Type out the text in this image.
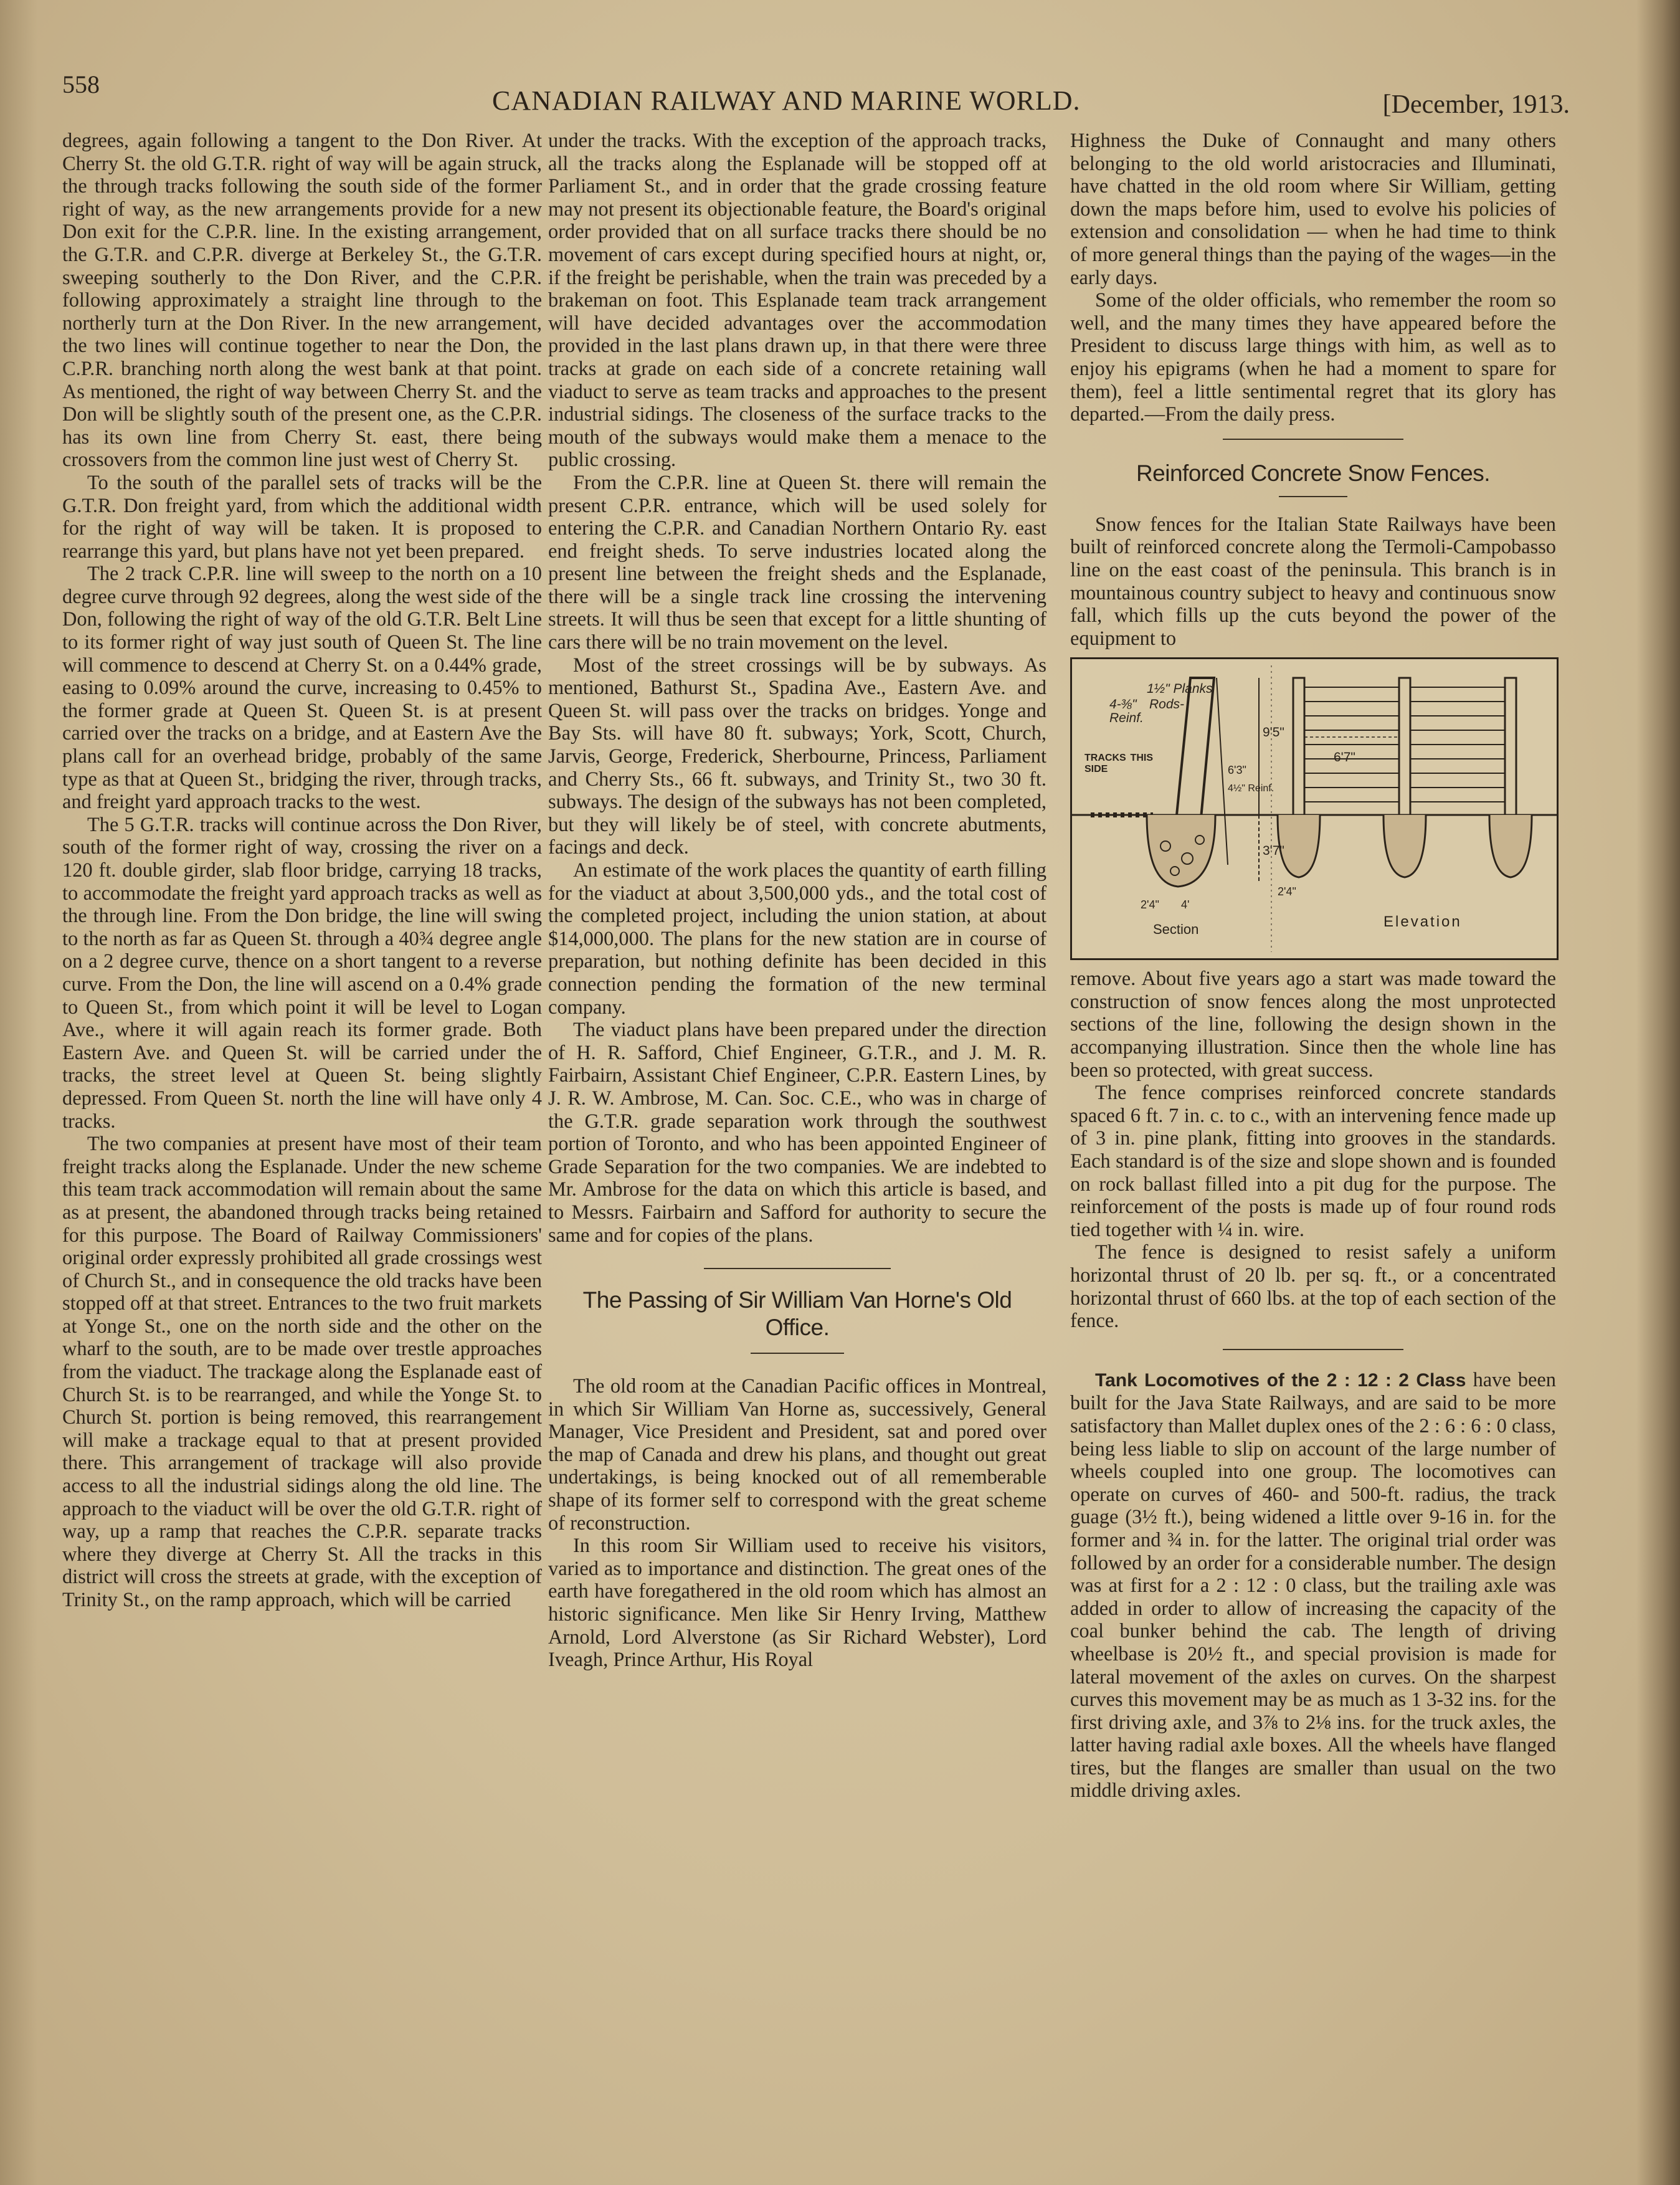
558
CANADIAN RAILWAY AND MARINE WORLD.	[December, 1913.

degrees, again following a tangent to the Don River. At Cherry St. the old G.T.R. right of way will be again struck, the through tracks following the south side of the former right of way, as the new arrangements provide for a new Don exit for the C.P.R. line. In the existing arrangement, the G.T.R. and C.P.R. diverge at Berkeley St., the G.T.R. sweeping southerly to the Don River, and the C.P.R. following approximately a straight line through to the northerly turn at the Don River. In the new arrangement, the two lines will continue together to near the Don, the C.P.R. branching north along the west bank at that point. As mentioned, the right of way between Cherry St. and the Don will be slightly south of the present one, as the C.P.R. has its own line from Cherry St. east, there being crossovers from the common line just west of Cherry St.

To the south of the parallel sets of tracks will be the G.T.R. Don freight yard, from which the additional width for the right of way will be taken. It is proposed to rearrange this yard, but plans have not yet been prepared.

The 2 track C.P.R. line will sweep to the north on a 10 degree curve through 92 degrees, along the west side of the Don, following the right of way of the old G.T.R. Belt Line to its former right of way just south of Queen St. The line will commence to descend at Cherry St. on a 0.44% grade, easing to 0.09% around the curve, increasing to 0.45% to the former grade at Queen St. Queen St. is at present carried over the tracks on a bridge, and at Eastern Ave the plans call for an overhead bridge, probably of the same type as that at Queen St., bridging the river, through tracks, and freight yard approach tracks to the west.

The 5 G.T.R. tracks will continue across the Don River, south of the former right of way, crossing the river on a 120 ft. double girder, slab floor bridge, carrying 18 tracks, to accommodate the freight yard approach tracks as well as the through line. From the Don bridge, the line will swing to the north as far as Queen St. through a 40¾ degree angle on a 2 degree curve, thence on a short tangent to a reverse curve. From the Don, the line will ascend on a 0.4% grade to Queen St., from which point it will be level to Logan Ave., where it will again reach its former grade. Both Eastern Ave. and Queen St. will be carried under the tracks, the street level at Queen St. being slightly depressed. From Queen St. north the line will have only 4 tracks.

The two companies at present have most of their team freight tracks along the Esplanade. Under the new scheme this team track accommodation will remain about the same as at present, the abandoned through tracks being retained for this purpose. The Board of Railway Commissioners' original order expressly prohibited all grade crossings west of Church St., and in consequence the old tracks have been stopped off at that street. Entrances to the two fruit markets at Yonge St., one on the north side and the other on the wharf to the south, are to be made over trestle approaches from the viaduct. The trackage along the Esplanade east of Church St. is to be rearranged, and while the Yonge St. to Church St. portion is being removed, this rearrangement will make a trackage equal to that at present provided there. This arrangement of trackage will also provide access to all the industrial sidings along the old line. The approach to the viaduct will be over the old G.T.R. right of way, up a ramp that reaches the C.P.R. separate tracks where they diverge at Cherry St. All the tracks in this district will cross the streets at grade, with the exception of Trinity St., on the ramp approach, which will be carried

under the tracks. With the exception of the approach tracks, all the tracks along the Esplanade will be stopped off at Parliament St., and in order that the grade crossing feature may not present its objectionable feature, the Board's original order provided that on all surface tracks there should be no movement of cars except during specified hours at night, or, if the freight be perishable, when the train was preceded by a brakeman on foot. This Esplanade team track arrangement will have decided advantages over the accommodation provided in the last plans drawn up, in that there were three tracks at grade on each side of a concrete retaining wall viaduct to serve as team tracks and approaches to the present industrial sidings. The closeness of the surface tracks to the mouth of the subways would make them a menace to the public crossing.

From the C.P.R. line at Queen St. there will remain the present C.P.R. entrance, which will be used solely for entering the C.P.R. and Canadian Northern Ontario Ry. east end freight sheds. To serve industries located along the present line between the freight sheds and the Esplanade, there will be a single track line crossing the intervening streets. It will thus be seen that except for a little shunting of cars there will be no train movement on the level.

Most of the street crossings will be by subways. As mentioned, Bathurst St., Spadina Ave., Eastern Ave. and Queen St. will pass over the tracks on bridges. Yonge and Bay Sts. will have 80 ft. subways; York, Scott, Church, Jarvis, George, Frederick, Sherbourne, Princess, Parliament and Cherry Sts., 66 ft. subways, and Trinity St., two 30 ft. subways. The design of the subways has not been completed, but they will likely be of steel, with concrete abutments, facings and deck.

An estimate of the work places the quantity of earth filling for the viaduct at about 3,500,000 yds., and the total cost of the completed project, including the union station, at about $14,000,000. The plans for the new station are in course of preparation, but nothing definite has been decided in this connection pending the formation of the new terminal company.

The viaduct plans have been prepared under the direction of H. R. Safford, Chief Engineer, G.T.R., and J. M. R. Fairbairn, Assistant Chief Engineer, C.P.R. Eastern Lines, by J. R. W. Ambrose, M. Can. Soc. C.E., who was in charge of the G.T.R. grade separation work through the southwest portion of Toronto, and who has been appointed Engineer of Grade Separation for the two companies. We are indebted to Mr. Ambrose for the data on which this article is based, and to Messrs. Fairbairn and Safford for authority to secure the same and for copies of the plans.

The Passing of Sir William Van Horne's Old Office.

The old room at the Canadian Pacific offices in Montreal, in which Sir William Van Horne as, successively, General Manager, Vice President and President, sat and pored over the map of Canada and drew his plans, and thought out great undertakings, is being knocked out of all rememberable shape of its former self to correspond with the great scheme of reconstruction.

In this room Sir William used to receive his visitors, varied as to importance and distinction. The great ones of the earth have foregathered in the old room which has almost an historic significance. Men like Sir Henry Irving, Matthew Arnold, Lord Alverstone (as Sir Richard Webster), Lord Iveagh, Prince Arthur, His Royal

Highness the Duke of Connaught and many others belonging to the old world aristocracies and Illuminati, have chatted in the old room where Sir William, getting down the maps before him, used to evolve his policies of extension and consolidation — when he had time to think of more general things than the paying of the wages—in the early days.

Some of the older officials, who remember the room so well, and the many times they have appeared before the President to discuss large things with him, as well as to enjoy his epigrams (when he had a moment to spare for them), feel a little sentimental regret that its glory has departed.—From the daily press.

Reinforced Concrete Snow Fences.

Snow fences for the Italian State Railways have been built of reinforced concrete along the Termoli-Campobasso line on the east coast of the peninsula. This branch is in mountainous country subject to heavy and continuous snow fall, which fills up the cuts beyond the power of the equipment to

1½" Planks
4-⅜" Rods-Reinf.
TRACKS THIS SIDE
9'5"
6'7"
6'3"
4½" Reinf.
3'7"
2'4" 4'
2'4"
Section	Elevation

remove. About five years ago a start was made toward the construction of snow fences along the most unprotected sections of the line, following the design shown in the accompanying illustration. Since then the whole line has been so protected, with great success.

The fence comprises reinforced concrete standards spaced 6 ft. 7 in. c. to c., with an intervening fence made up of 3 in. pine plank, fitting into grooves in the standards. Each standard is of the size and slope shown and is founded on rock ballast filled into a pit dug for the purpose. The reinforcement of the posts is made up of four round rods tied together with ¼ in. wire.

The fence is designed to resist safely a uniform horizontal thrust of 20 lb. per sq. ft., or a concentrated horizontal thrust of 660 lbs. at the top of each section of the fence.

Tank Locomotives of the 2 : 12 : 2 Class have been built for the Java State Railways, and are said to be more satisfactory than Mallet duplex ones of the 2 : 6 : 6 : 0 class, being less liable to slip on account of the large number of wheels coupled into one group. The locomotives can operate on curves of 460- and 500-ft. radius, the track guage (3½ ft.), being widened a little over 9-16 in. for the former and ¾ in. for the latter. The original trial order was followed by an order for a considerable number. The design was at first for a 2 : 12 : 0 class, but the trailing axle was added in order to allow of increasing the capacity of the coal bunker behind the cab. The length of driving wheelbase is 20½ ft., and special provision is made for lateral movement of the axles on curves. On the sharpest curves this movement may be as much as 1 3-32 ins. for the first driving axle, and 3⅞ to 2⅛ ins. for the truck axles, the latter having radial axle boxes. All the wheels have flanged tires, but the flanges are smaller than usual on the two middle driving axles.
